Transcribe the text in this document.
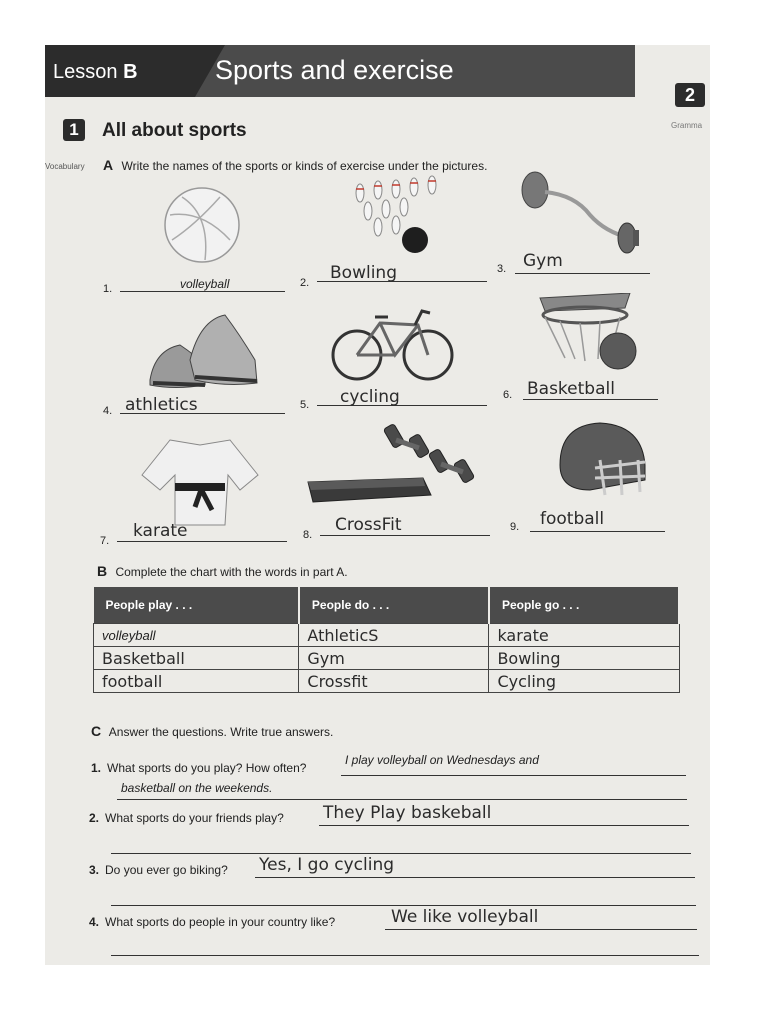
Lesson B	Sports and exercise
2
Gramma
1	All about sports
Vocabulary A Write the names of the sports or kinds of exercise under the pictures.
1.	volleyball	2. Bowling	3. Gym
4. athletics	5. cycling	6. Basketball
7. karate	8. CrossFit	9. football
B Complete the chart with the words in part A.
People play . . .	People do . . .	People go . . .
volleyball	AthleticS	karate
Basketball	Gym	Bowling
football	Crossfit	Cycling
C Answer the questions. Write true answers.
1. What sports do you play? How often?
I play volleyball on Wednesdays and
basketball on the weekends.
2. What sports do your friends play? They Play baskeball
3. Do you ever go biking? Yes, I go cycling
4. What sports do people in your country like?	We like volleyball
